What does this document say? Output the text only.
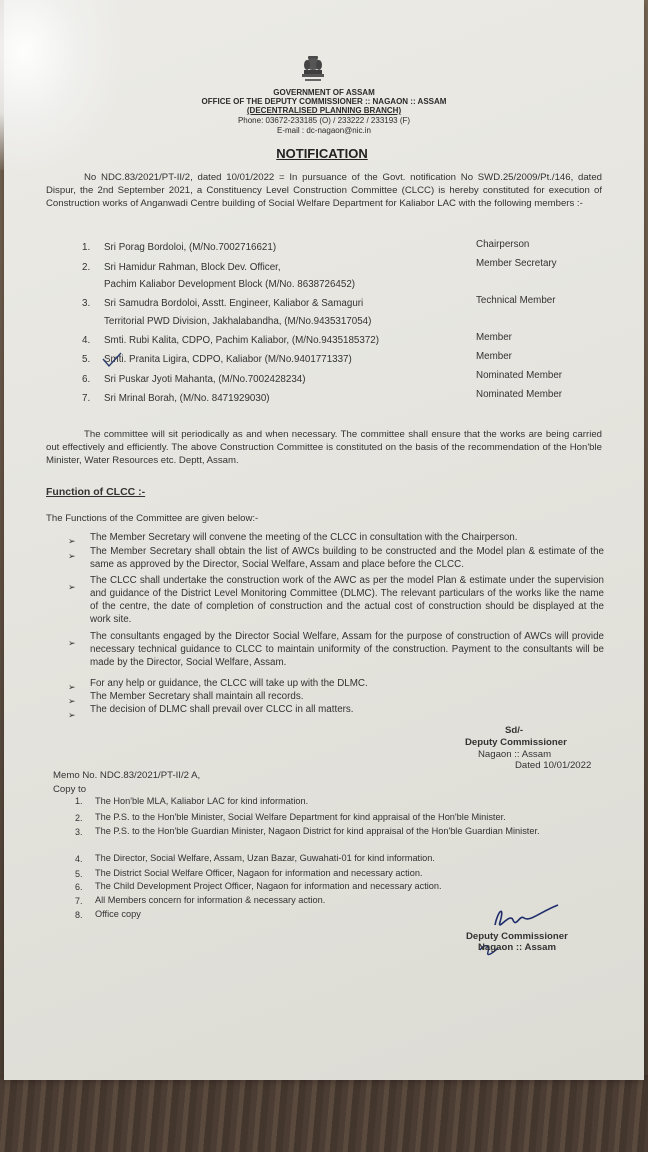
GOVERNMENT OF ASSAM
OFFICE OF THE DEPUTY COMMISSIONER :: NAGAON :: ASSAM
(DECENTRALISED PLANNING BRANCH)
Phone: 03672-233185 (O) / 233222 / 233193 (F)
E-mail : dc-nagaon@nic.in
NOTIFICATION
No NDC.83/2021/PT-II/2, dated 10/01/2022 = In pursuance of the Govt. notification No SWD.25/2009/Pt./146, dated Dispur, the 2nd September 2021, a Constituency Level Construction Committee (CLCC) is hereby constituted for execution of Construction works of Anganwadi Centre building of Social Welfare Department for Kaliabor LAC with the following members :-
1. Sri Porag Bordoloi, (M/No.7002716621)	Chairperson
2. Sri Hamidur Rahman, Block Dev. Officer,
Pachim Kaliabor Development Block (M/No. 8638726452)
Member Secretary
3. Sri Samudra Bordoloi, Asstt. Engineer, Kaliabor & Samaguri
Territorial PWD Division, Jakhalabandha, (M/No.9435317054)
Technical Member
4. Smti. Rubi Kalita, CDPO, Pachim Kaliabor, (M/No.9435185372)	Member
5. Smti. Pranita Ligira, CDPO, Kaliabor (M/No.9401771337)	Member
6. Sri Puskar Jyoti Mahanta, (M/No.7002428234)	Nominated Member
7. Sri Mrinal Borah, (M/No. 8471929030)	Nominated Member
The committee will sit periodically as and when necessary. The committee shall ensure that the works are being carried out effectively and efficiently. The above Construction Committee is constituted on the basis of the recommendation of the Hon'ble Minister, Water Resources etc. Deptt, Assam.
Function of CLCC :-
The Functions of the Committee are given below:-
➢ The Member Secretary will convene the meeting of the CLCC in consultation with the Chairperson.
➢ The Member Secretary shall obtain the list of AWCs building to be constructed and the Model plan & estimate of the same as approved by the Director, Social Welfare, Assam and place before the CLCC.
➢
The CLCC shall undertake the construction work of the AWC as per the model Plan & estimate under the supervision and guidance of the District Level Monitoring Committee (DLMC). The relevant particulars of the works like the name of the centre, the date of completion of construction and the actual cost of construction should be displayed at the work site.
➢
The consultants engaged by the Director Social Welfare, Assam for the purpose of construction of AWCs will provide necessary technical guidance to CLCC to maintain uniformity of the construction. Payment to the consultants will be made by the Director, Social Welfare, Assam.
➢ For any help or guidance, the CLCC will take up with the DLMC.
➢ The Member Secretary shall maintain all records.
➢ The decision of DLMC shall prevail over CLCC in all matters.
Sd/-
Deputy Commissioner
Nagaon :: Assam
Dated 10/01/2022
Memo No. NDC.83/2021/PT-II/2 A,
Copy to
1. The Hon'ble MLA, Kaliabor LAC for kind information.
2. The P.S. to the Hon'ble Minister, Social Welfare Department for kind appraisal of the Hon'ble Minister.
3. The P.S. to the Hon'ble Guardian Minister, Nagaon District for kind appraisal of the Hon'ble Guardian Minister.
4. The Director, Social Welfare, Assam, Uzan Bazar, Guwahati-01 for kind information.
5. The District Social Welfare Officer, Nagaon for information and necessary action.
6. The Child Development Project Officer, Nagaon for information and necessary action.
7. All Members concern for information & necessary action.
8. Office copy
Deputy Commissioner
Nagaon :: Assam
